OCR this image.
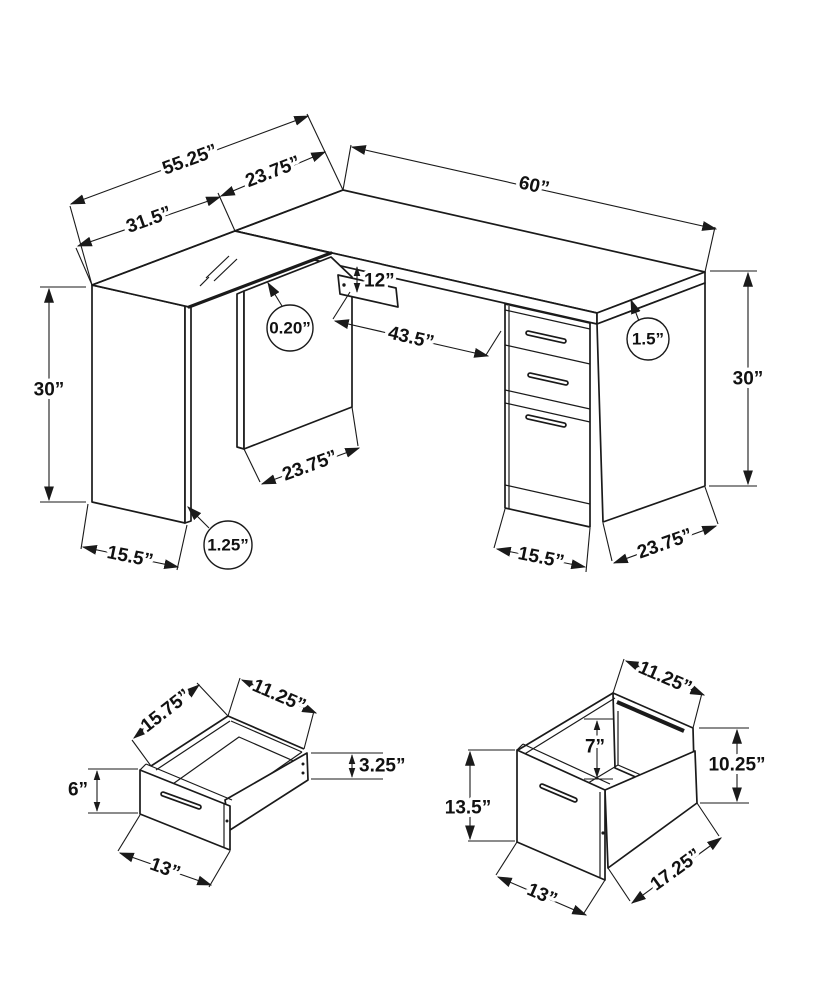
55.25” 23.75”
31.5”
60”
30”
30”
23.75”
15.5”	1.25”	15.5”	23.75”
43.5”
12”
0.20”
1.5”
15.75”	11.25”
6”
3.25”
13”
11.25”
7”
13.5”
10.25”
17.25”
13”
